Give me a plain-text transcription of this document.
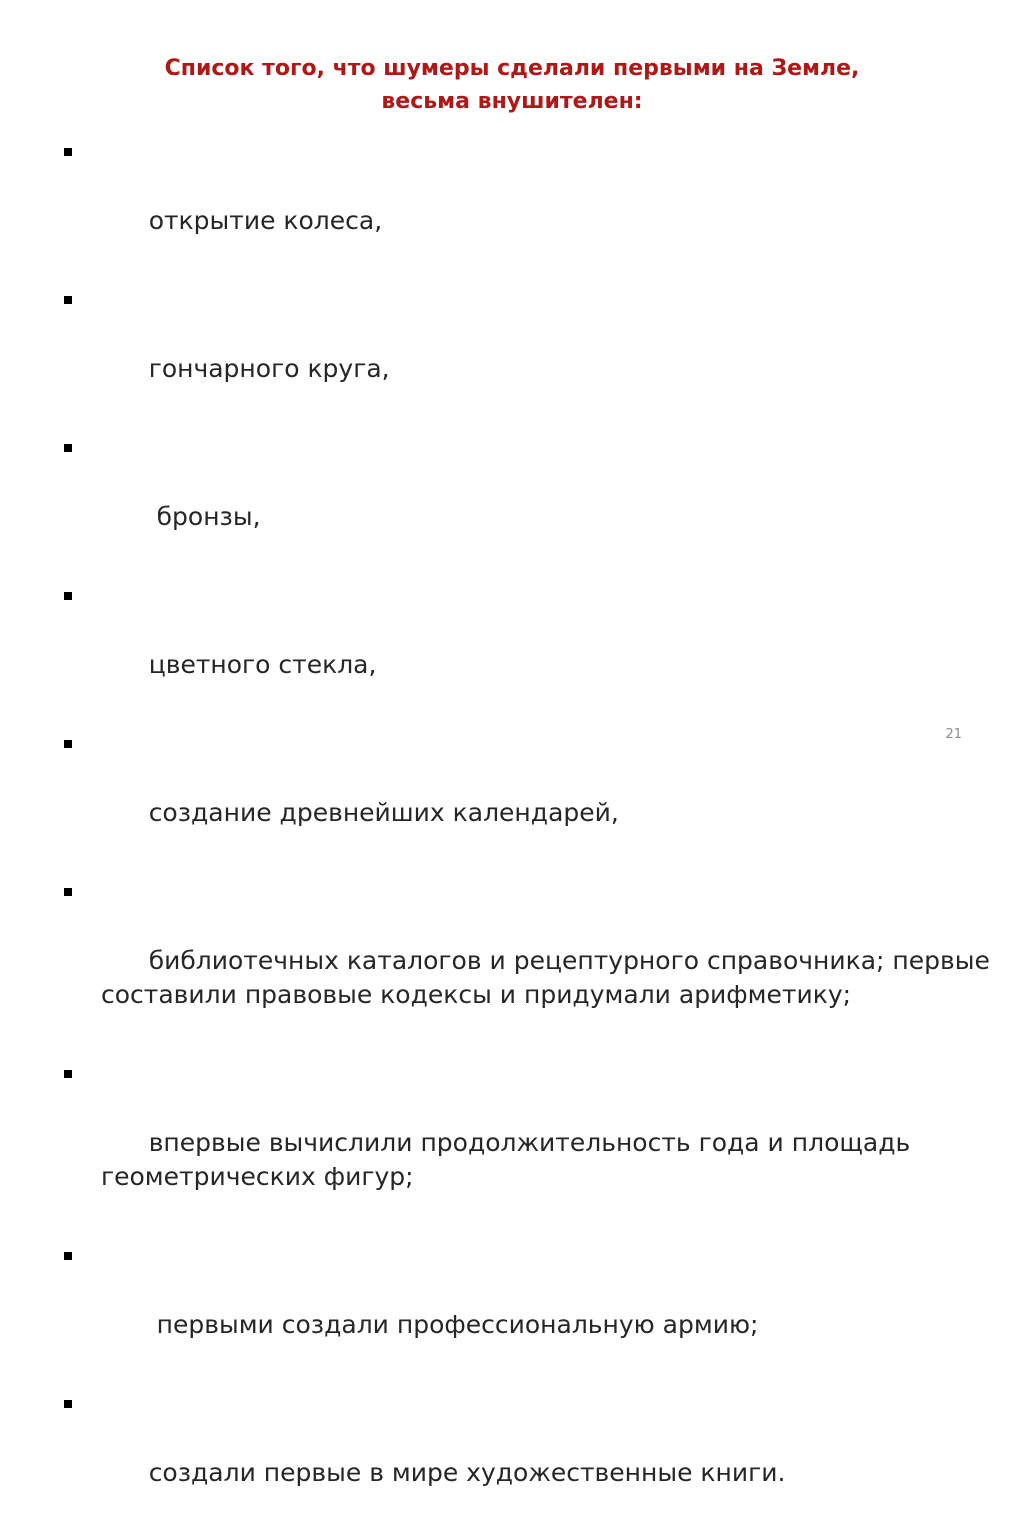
Список того, что шумеры сделали первыми на Земле,
весьма внушителен:

открытие колеса,

гончарного круга,

бронзы,

цветного стекла,

создание древнейших календарей,

библиотечных каталогов и рецептурного справочника; первые составили правовые кодексы и придумали арифметику;

впервые вычислили продолжительность года и площадь геометрических фигур;

первыми создали профессиональную армию;

создали первые в мире художественные книги.

21
